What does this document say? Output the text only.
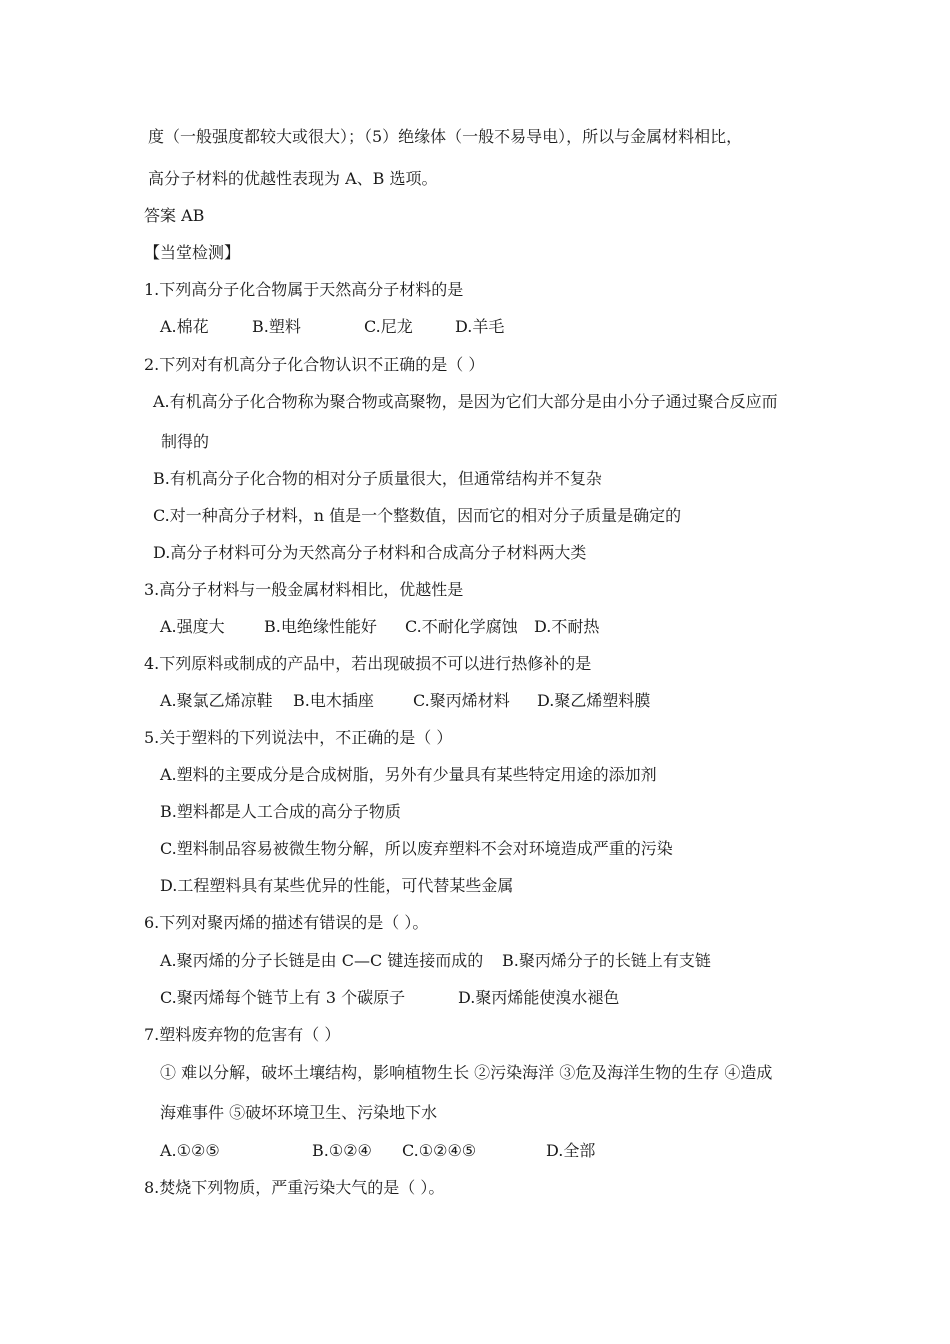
度（一般强度都较大或很大）；（5）绝缘体（一般不易导电），所以与金属材料相比，
高分子材料的优越性表现为 A、B 选项。
答案 AB
【当堂检测】
1.下列高分子化合物属于天然高分子材料的是
A.棉花	B.塑料	C.尼龙	D.羊毛
2.下列对有机高分子化合物认识不正确的是（ ）
A.有机高分子化合物称为聚合物或高聚物，是因为它们大部分是由小分子通过聚合反应而
制得的
B.有机高分子化合物的相对分子质量很大，但通常结构并不复杂
C.对一种高分子材料，n 值是一个整数值，因而它的相对分子质量是确定的
D.高分子材料可分为天然高分子材料和合成高分子材料两大类
3.高分子材料与一般金属材料相比，优越性是
A.强度大 B.电绝缘性能好 C.不耐化学腐蚀 D.不耐热
4.下列原料或制成的产品中，若出现破损不可以进行热修补的是
A.聚氯乙烯凉鞋 B.电木插座 C.聚丙烯材料 D.聚乙烯塑料膜
5.关于塑料的下列说法中，不正确的是（ ）
A.塑料的主要成分是合成树脂，另外有少量具有某些特定用途的添加剂
B.塑料都是人工合成的高分子物质
C.塑料制品容易被微生物分解，所以废弃塑料不会对环境造成严重的污染
D.工程塑料具有某些优异的性能，可代替某些金属
6.下列对聚丙烯的描述有错误的是（ ）。
A.聚丙烯的分子长链是由 C—C 键连接而成的 B.聚丙烯分子的长链上有支链
C.聚丙烯每个链节上有 3 个碳原子	D.聚丙烯能使溴水褪色
7.塑料废弃物的危害有（ ）
① 难以分解，破坏土壤结构，影响植物生长 ②污染海洋 ③危及海洋生物的生存 ④造成
海难事件 ⑤破坏环境卫生、污染地下水
A.①②⑤	B.①②④ C.①②④⑤	D.全部
8.焚烧下列物质，严重污染大气的是（ ）。
